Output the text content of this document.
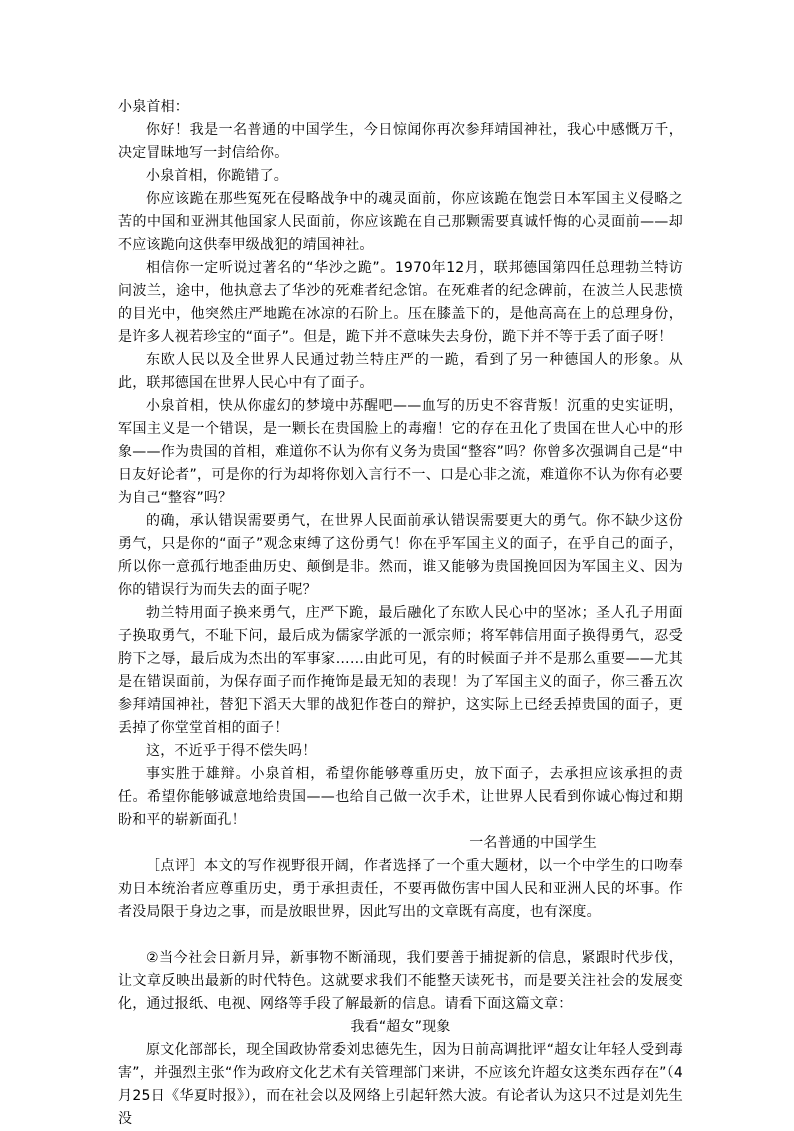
小泉首相：

你好！我是一名普通的中国学生，今日惊闻你再次参拜靖国神社，我心中感慨万千，决定冒昧地写一封信给你。

小泉首相，你跪错了。

你应该跪在那些冤死在侵略战争中的魂灵面前，你应该跪在饱尝日本军国主义侵略之苦的中国和亚洲其他国家人民面前，你应该跪在自己那颗需要真诚忏悔的心灵面前——却不应该跪向这供奉甲级战犯的靖国神社。

相信你一定听说过著名的“华沙之跪”。1970年12月，联邦德国第四任总理勃兰特访问波兰，途中，他执意去了华沙的死难者纪念馆。在死难者的纪念碑前，在波兰人民悲愤的目光中，他突然庄严地跪在冰凉的石阶上。压在膝盖下的，是他高高在上的总理身份，是许多人视若珍宝的“面子”。但是，跪下并不意味失去身份，跪下并不等于丢了面子呀！

东欧人民以及全世界人民通过勃兰特庄严的一跪，看到了另一种德国人的形象。从此，联邦德国在世界人民心中有了面子。

小泉首相，快从你虚幻的梦境中苏醒吧——血写的历史不容背叛！沉重的史实证明，军国主义是一个错误，是一颗长在贵国脸上的毒瘤！它的存在丑化了贵国在世人心中的形象——作为贵国的首相，难道你不认为你有义务为贵国“整容”吗？你曾多次强调自己是“中日友好论者”，可是你的行为却将你划入言行不一、口是心非之流，难道你不认为你有必要为自己“整容”吗？

的确，承认错误需要勇气，在世界人民面前承认错误需要更大的勇气。你不缺少这份勇气，只是你的“面子”观念束缚了这份勇气！你在乎军国主义的面子，在乎自己的面子，所以你一意孤行地歪曲历史、颠倒是非。然而，谁又能够为贵国挽回因为军国主义、因为你的错误行为而失去的面子呢？

勃兰特用面子换来勇气，庄严下跪，最后融化了东欧人民心中的坚冰；圣人孔子用面子换取勇气，不耻下问，最后成为儒家学派的一派宗师；将军韩信用面子换得勇气，忍受胯下之辱，最后成为杰出的军事家……由此可见，有的时候面子并不是那么重要——尤其是在错误面前，为保存面子而作掩饰是最无知的表现！为了军国主义的面子，你三番五次参拜靖国神社，替犯下滔天大罪的战犯作苍白的辩护，这实际上已经丢掉贵国的面子，更丢掉了你堂堂首相的面子！

这，不近乎于得不偿失吗！

事实胜于雄辩。小泉首相，希望你能够尊重历史，放下面子，去承担应该承担的责任。希望你能够诚意地给贵国——也给自己做一次手术，让世界人民看到你诚心悔过和期盼和平的崭新面孔！

一名普通的中国学生

［点评］本文的写作视野很开阔，作者选择了一个重大题材，以一个中学生的口吻奉劝日本统治者应尊重历史，勇于承担责任，不要再做伤害中国人民和亚洲人民的坏事。作者没局限于身边之事，而是放眼世界，因此写出的文章既有高度，也有深度。

②当今社会日新月异，新事物不断涌现，我们要善于捕捉新的信息，紧跟时代步伐，让文章反映出最新的时代特色。这就要求我们不能整天读死书，而是要关注社会的发展变化，通过报纸、电视、网络等手段了解最新的信息。请看下面这篇文章：

我看“超女”现象

原文化部部长，现全国政协常委刘忠德先生，因为日前高调批评“超女让年轻人受到毒害”，并强烈主张“作为政府文化艺术有关管理部门来讲，不应该允许超女这类东西存在”（4月25日《华夏时报》），而在社会以及网络上引起轩然大波。有论者认为这只不过是刘先生没
